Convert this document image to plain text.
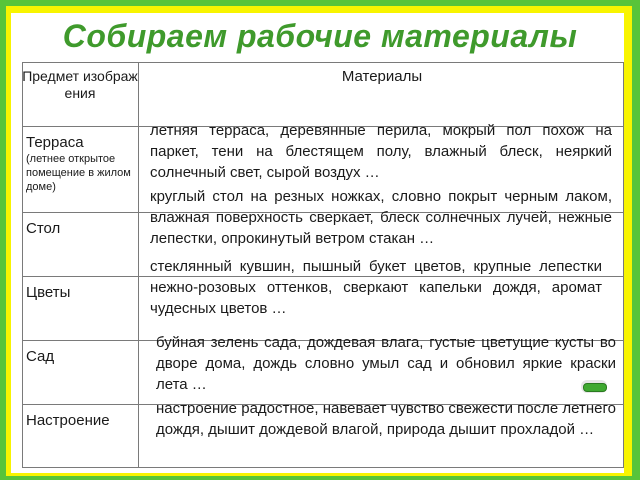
Собираем рабочие материалы
Предмет изображения
Материалы
Терраса
(летнее открытое помещение в жилом доме)
Стол
Цветы
Сад
Настроение
летняя терраса, деревянные перила, мокрый пол похож на паркет, тени на блестящем полу, влажный блеск, неяркий солнечный свет, сырой воздух …
круглый стол на резных ножках, словно покрыт черным лаком, влажная поверхность сверкает, блеск солнечных лучей, нежные лепестки, опрокинутый ветром стакан …
стеклянный кувшин, пышный букет цветов, крупные лепестки нежно-розовых оттенков, сверкают капельки дождя, аромат чудесных цветов …
буйная зелень сада, дождевая влага, густые цветущие кусты во дворе дома, дождь словно умыл сад и обновил яркие краски лета …
настроение радостное, навевает чувство свежести после летнего дождя, дышит дождевой влагой, природа дышит прохладой …
